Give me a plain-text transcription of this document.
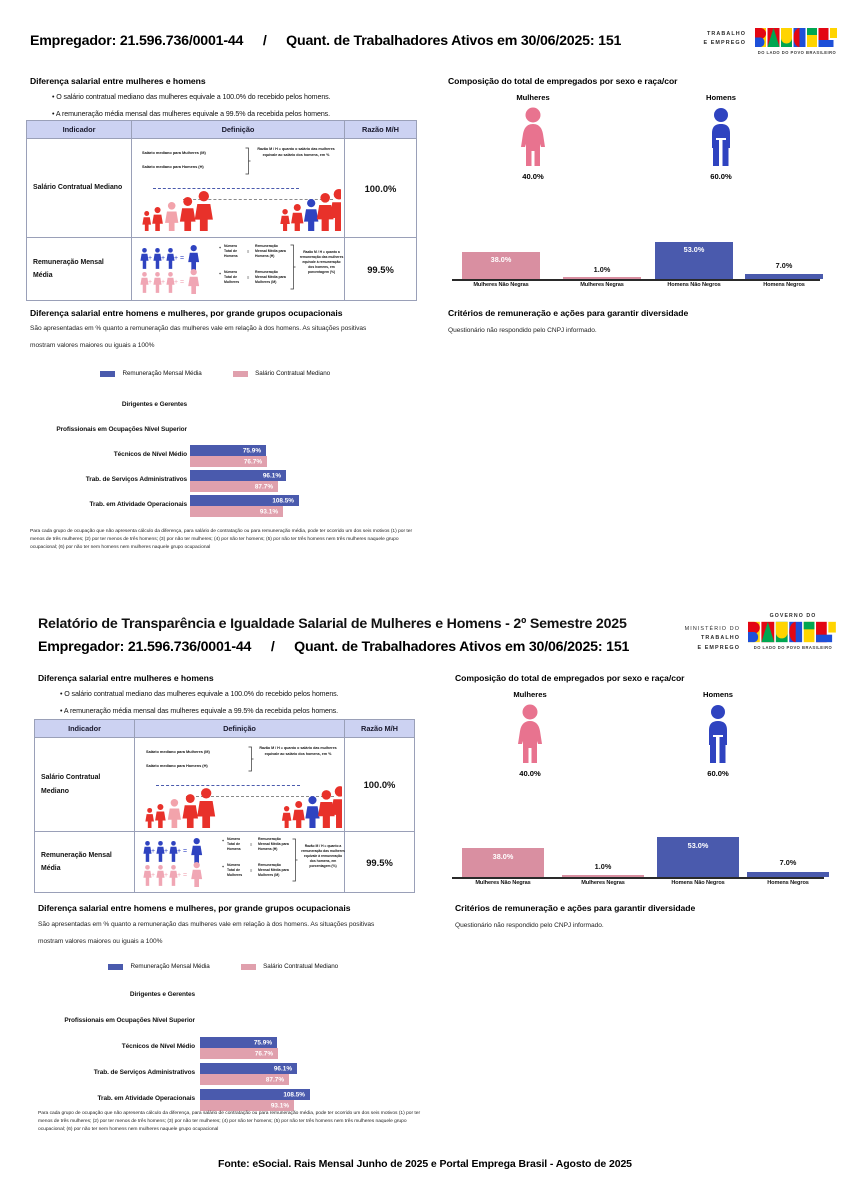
Empregador: 21.596.736/0001-44 / Quant. de Trabalhadores Ativos em 30/06/2025: 151	TRABALHO
E EMPREGO
DO LADO DO POVO BRASILEIRO
Diferença salarial entre mulheres e homens
• O salário contratual mediano das mulheres equivale a 100.0% do recebido pelos homens.
• A remuneração média mensal das mulheres equivale a 99.5% da recebida pelos homens.
Indicador	Definição	Razão M/H
Salário Contratual Mediano	Salário mediano para Mulheres (M)
Salário mediano para Homens (H)
Razão M / H = quanto o salário das mulheres equivale ao salário dos homens, em %	100.0%

Remuneração Mensal
Média

+ + + =
+ + + =
+ Número
Total de
Homens
≡
Remuneração
Mensal Média para
Homens (H)
+ Número
Total de
Mulheres
≡
Remuneração
Mensal Média para
Mulheres (M)
Razão M / H = quanto a remuneração das mulheres equivale à remuneração dos homens, em porcentagem (%)	99.5%
Composição do total de empregados por sexo e raça/cor
Mulheres
40.0%
Homens
60.0%
38.0%
Mulheres Não Negras
1.0%
Mulheres Negras
53.0%
Homens Não Negros
7.0%
Homens Negros
Diferença salarial entre homens e mulheres, por grande grupos ocupacionais
São apresentadas em % quanto a remuneração das mulheres vale em relação à dos homens. As situações positivas
mostram valores maiores ou iguais a 100%
Critérios de remuneração e ações para garantir diversidade
Questionário não respondido pelo CNPJ informado.
Remuneração Mensal Média	Salário Contratual Mediano
Dirigentes e Gerentes
Profissionais em Ocupações Nível Superior
Técnicos de Nível Médio
Trab. de Serviços Administrativos
Trab. em Atividade Operacionais
75.9%
76.7%
96.1%
87.7%
108.5%
93.1%
Para cada grupo de ocupação que não apresenta cálculo da diferença, para salário de contratação ou para remuneração média, pode ter ocorrido um dos seis motivos (1) por ter menos de três mulheres; (2) por ter menos de três homens; (3) por não ter mulheres; (4) por não ter homens; (5) por não ter três homens nem três mulheres naquele grupo ocupacional; (6) por não ter nem homens nem mulheres naquele grupo ocupacional
Relatório de Transparência e Igualdade Salarial de Mulheres e Homens - 2º Semestre 2025
Empregador: 21.596.736/0001-44 / Quant. de Trabalhadores Ativos em 30/06/2025: 151
MINISTÉRIO DO
TRABALHO
E EMPREGO
GOVERNO DO
DO LADO DO POVO BRASILEIRO
Diferença salarial entre mulheres e homens
• O salário contratual mediano das mulheres equivale a 100.0% do recebido pelos homens.
• A remuneração média mensal das mulheres equivale a 99.5% da recebida pelos homens.
Indicador	Definição	Razão M/H
Salário Contratual Mediano	Salário mediano para Mulheres (M)
Salário mediano para Homens (H)
Razão M / H = quanto o salário das mulheres equivale ao salário dos homens, em %	100.0%

Remuneração Mensal
Média

+ + + =
+ + + =
+ Número
Total de
Homens
≡
Remuneração
Mensal Média para
Homens (H)
+ Número
Total de
Mulheres
≡
Remuneração
Mensal Média para
Mulheres (M)
Razão M / H = quanto a remuneração das mulheres equivale à remuneração dos homens, em porcentagem (%)	99.5%
Composição do total de empregados por sexo e raça/cor
Mulheres
40.0%
Homens
60.0%
38.0%
Mulheres Não Negras
1.0%
Mulheres Negras
53.0%
Homens Não Negros
7.0%
Homens Negros
Diferença salarial entre homens e mulheres, por grande grupos ocupacionais
São apresentadas em % quanto a remuneração das mulheres vale em relação à dos homens. As situações positivas
mostram valores maiores ou iguais a 100%
Critérios de remuneração e ações para garantir diversidade
Questionário não respondido pelo CNPJ informado.
Remuneração Mensal Média	Salário Contratual Mediano
Dirigentes e Gerentes
Profissionais em Ocupações Nível Superior
Técnicos de Nível Médio
Trab. de Serviços Administrativos
Trab. em Atividade Operacionais
75.9%
76.7%
96.1%
87.7%
108.5%
93.1%
Para cada grupo de ocupação que não apresenta cálculo da diferença, para salário de contratação ou para remuneração média, pode ter ocorrido um dos seis motivos (1) por ter menos de três mulheres; (2) por ter menos de três homens; (3) por não ter mulheres; (4) por não ter homens; (5) por não ter três homens nem três mulheres naquele grupo ocupacional; (6) por não ter nem homens nem mulheres naquele grupo ocupacional
Fonte: eSocial. Rais Mensal Junho de 2025 e Portal Emprega Brasil - Agosto de 2025
